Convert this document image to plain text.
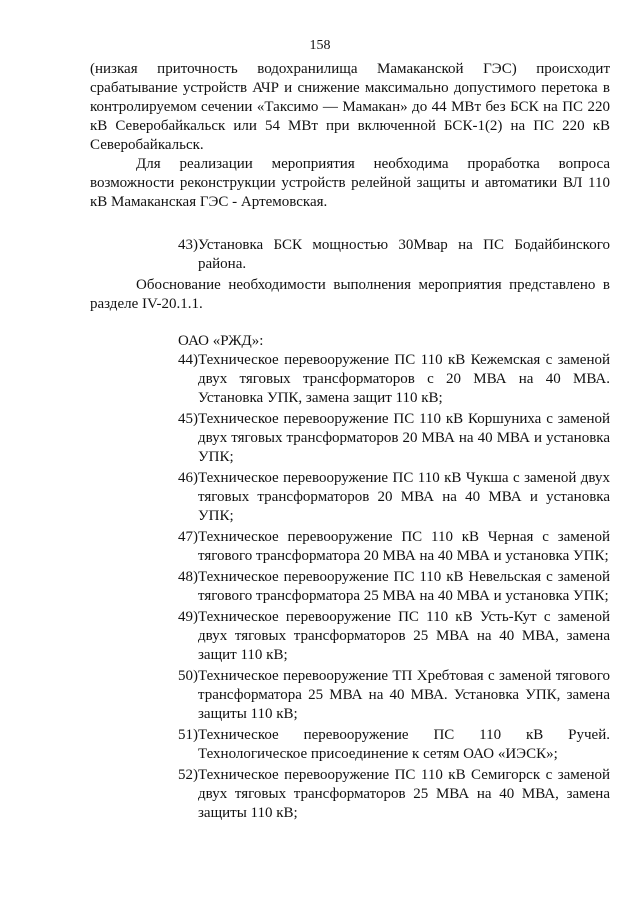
158

(низкая приточность водохранилища Мамаканской ГЭС) происходит срабатывание устройств АЧР и снижение максимально допустимого перетока в контролируемом сечении «Таксимо — Мамакан» до 44 МВт без БСК на ПС 220 кВ Северобайкальск или 54 МВт при включенной БСК-1(2) на ПС 220 кВ Северобайкальск.

Для реализации мероприятия необходима проработка вопроса возможности реконструкции устройств релейной защиты и автоматики ВЛ 110 кВ Мамаканская ГЭС - Артемовская.

43) Установка БСК мощностью 30Мвар на ПС Бодайбинского района.

Обоснование необходимости выполнения мероприятия представлено в разделе IV-20.1.1.

ОАО «РЖД»:

44) Техническое перевооружение ПС 110 кВ Кежемская с заменой двух тяговых трансформаторов с 20 МВА на 40 МВА. Установка УПК, замена защит 110 кВ;
45) Техническое перевооружение ПС 110 кВ Коршуниха с заменой двух тяговых трансформаторов 20 МВА на 40 МВА и установка УПК;
46) Техническое перевооружение ПС 110 кВ Чукша с заменой двух тяговых трансформаторов 20 МВА на 40 МВА и установка УПК;
47) Техническое перевооружение ПС 110 кВ Черная с заменой тягового трансформатора 20 МВА на 40 МВА и установка УПК;
48) Техническое перевооружение ПС 110 кВ Невельская с заменой тягового трансформатора 25 МВА на 40 МВА и установка УПК;
49) Техническое перевооружение ПС 110 кВ Усть-Кут с заменой двух тяговых трансформаторов 25 МВА на 40 МВА, замена защит 110 кВ;
50) Техническое перевооружение ТП Хребтовая с заменой тягового трансформатора 25 МВА на 40 МВА. Установка УПК, замена защиты 110 кВ;
51) Техническое перевооружение ПС 110 кВ Ручей. Технологическое присоединение к сетям ОАО «ИЭСК»;
52) Техническое перевооружение ПС 110 кВ Семигорск с заменой двух тяговых трансформаторов 25 МВА на 40 МВА, замена защиты 110 кВ;
